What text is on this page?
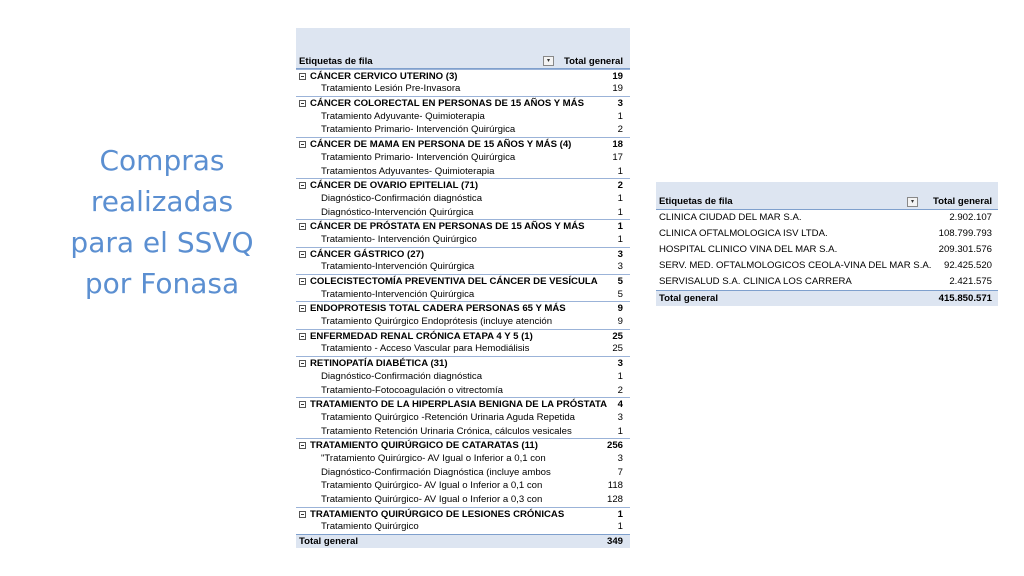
Compras
realizadas
para el SSVQ
por Fonasa
Etiquetas de fila	▾	Total general
CÁNCER CERVICO UTERINO (3)	19
Tratamiento Lesión Pre-Invasora	19
CÁNCER COLORECTAL EN PERSONAS DE 15 AÑOS Y MÁS	3
Tratamiento Adyuvante- Quimioterapia	1
Tratamiento Primario- Intervención Quirúrgica	2
CÁNCER DE MAMA EN PERSONA DE 15 AÑOS Y MÁS (4)	18
Tratamiento Primario- Intervención Quirúrgica	17
Tratamientos Adyuvantes- Quimioterapia	1
CÁNCER DE OVARIO EPITELIAL (71)	2
Diagnóstico-Confirmación diagnóstica	1
Diagnóstico-Intervención Quirúrgica	1
CÁNCER DE PRÓSTATA EN PERSONAS DE 15 AÑOS Y MÁS	1
Tratamiento- Intervención Quirúrgico	1
CÁNCER GÁSTRICO (27)	3
Tratamiento-Intervención Quirúrgica	3
COLECISTECTOMÍA PREVENTIVA DEL CÁNCER DE VESÍCULA	5
Tratamiento-Intervención Quirúrgica	5
ENDOPROTESIS TOTAL CADERA PERSONAS 65 Y MÁS	9
Tratamiento Quirúrgico Endoprótesis (incluye atención	9
ENFERMEDAD RENAL CRÓNICA ETAPA 4 Y 5 (1)	25
Tratamiento - Acceso Vascular para Hemodiálisis	25
RETINOPATÍA DIABÉTICA (31)	3
Diagnóstico-Confirmación diagnóstica	1
Tratamiento-Fotocoagulación o vitrectomía	2
TRATAMIENTO DE LA HIPERPLASIA BENIGNA DE LA PRÓSTATA	4
Tratamiento Quirúrgico -Retención Urinaria Aguda Repetida	3
Tratamiento Retención Urinaria Crónica, cálculos vesicales	1
TRATAMIENTO QUIRÚRGICO DE CATARATAS (11)	256
"Tratamiento Quirúrgico- AV Igual o Inferior a 0,1 con	3
Diagnóstico-Confirmación Diagnóstica (incluye ambos	7
Tratamiento Quirúrgico- AV Igual o Inferior a 0,1 con	118
Tratamiento Quirúrgico- AV Igual o Inferior a 0,3 con	128
TRATAMIENTO QUIRÚRGICO DE LESIONES CRÓNICAS	1
Tratamiento Quirúrgico	1
Total general	349
Etiquetas de fila	▾	Total general
CLINICA CIUDAD DEL MAR S.A.	2.902.107
CLINICA OFTALMOLOGICA ISV LTDA.	108.799.793
HOSPITAL CLINICO VINA DEL MAR S.A.	209.301.576
SERV. MED. OFTALMOLOGICOS CEOLA-VINA DEL MAR S.A.	92.425.520
SERVISALUD S.A. CLINICA LOS CARRERA	2.421.575
Total general	415.850.571
